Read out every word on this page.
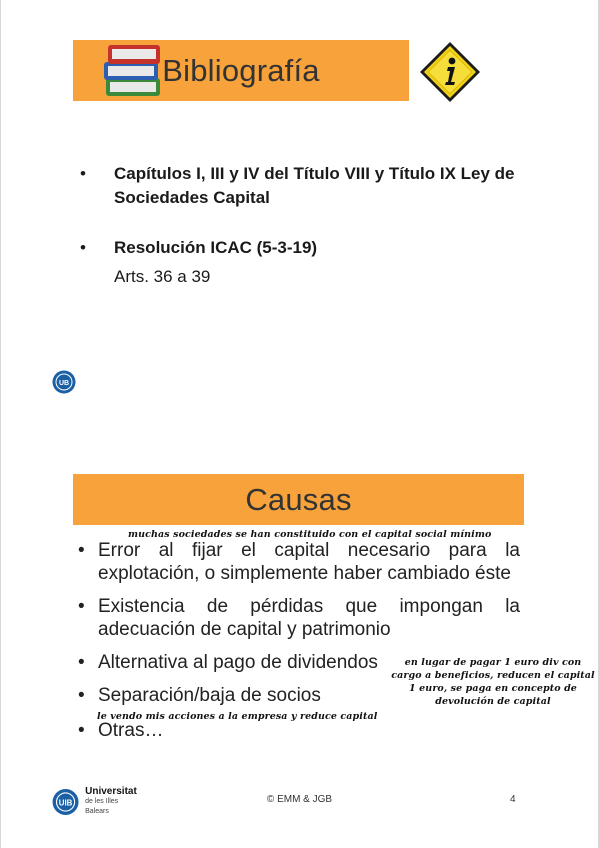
Bibliografía
• Capítulos I, III y IV del Título VIII y Título IX Ley de Sociedades Capital
• Resolución ICAC (5-3-19)
Arts. 36 a 39
UB
Causas
muchas sociedades se han constituido con el capital social mínimo
• Error al fijar el capital necesario para la explotación, o simplemente haber cambiado éste
• Existencia de pérdidas que impongan la adecuación de capital y patrimonio
• Alternativa al pago de dividendos
• Separación/baja de socios
• Otras…
en lugar de pagar 1 euro div con cargo a beneficios, reducen el capital 1 euro, se paga en concepto de devolución de capital
le vendo mis acciones a la empresa y reduce capital
UIB
Universitat
de les Illes Balears
© EMM & JGB	4
